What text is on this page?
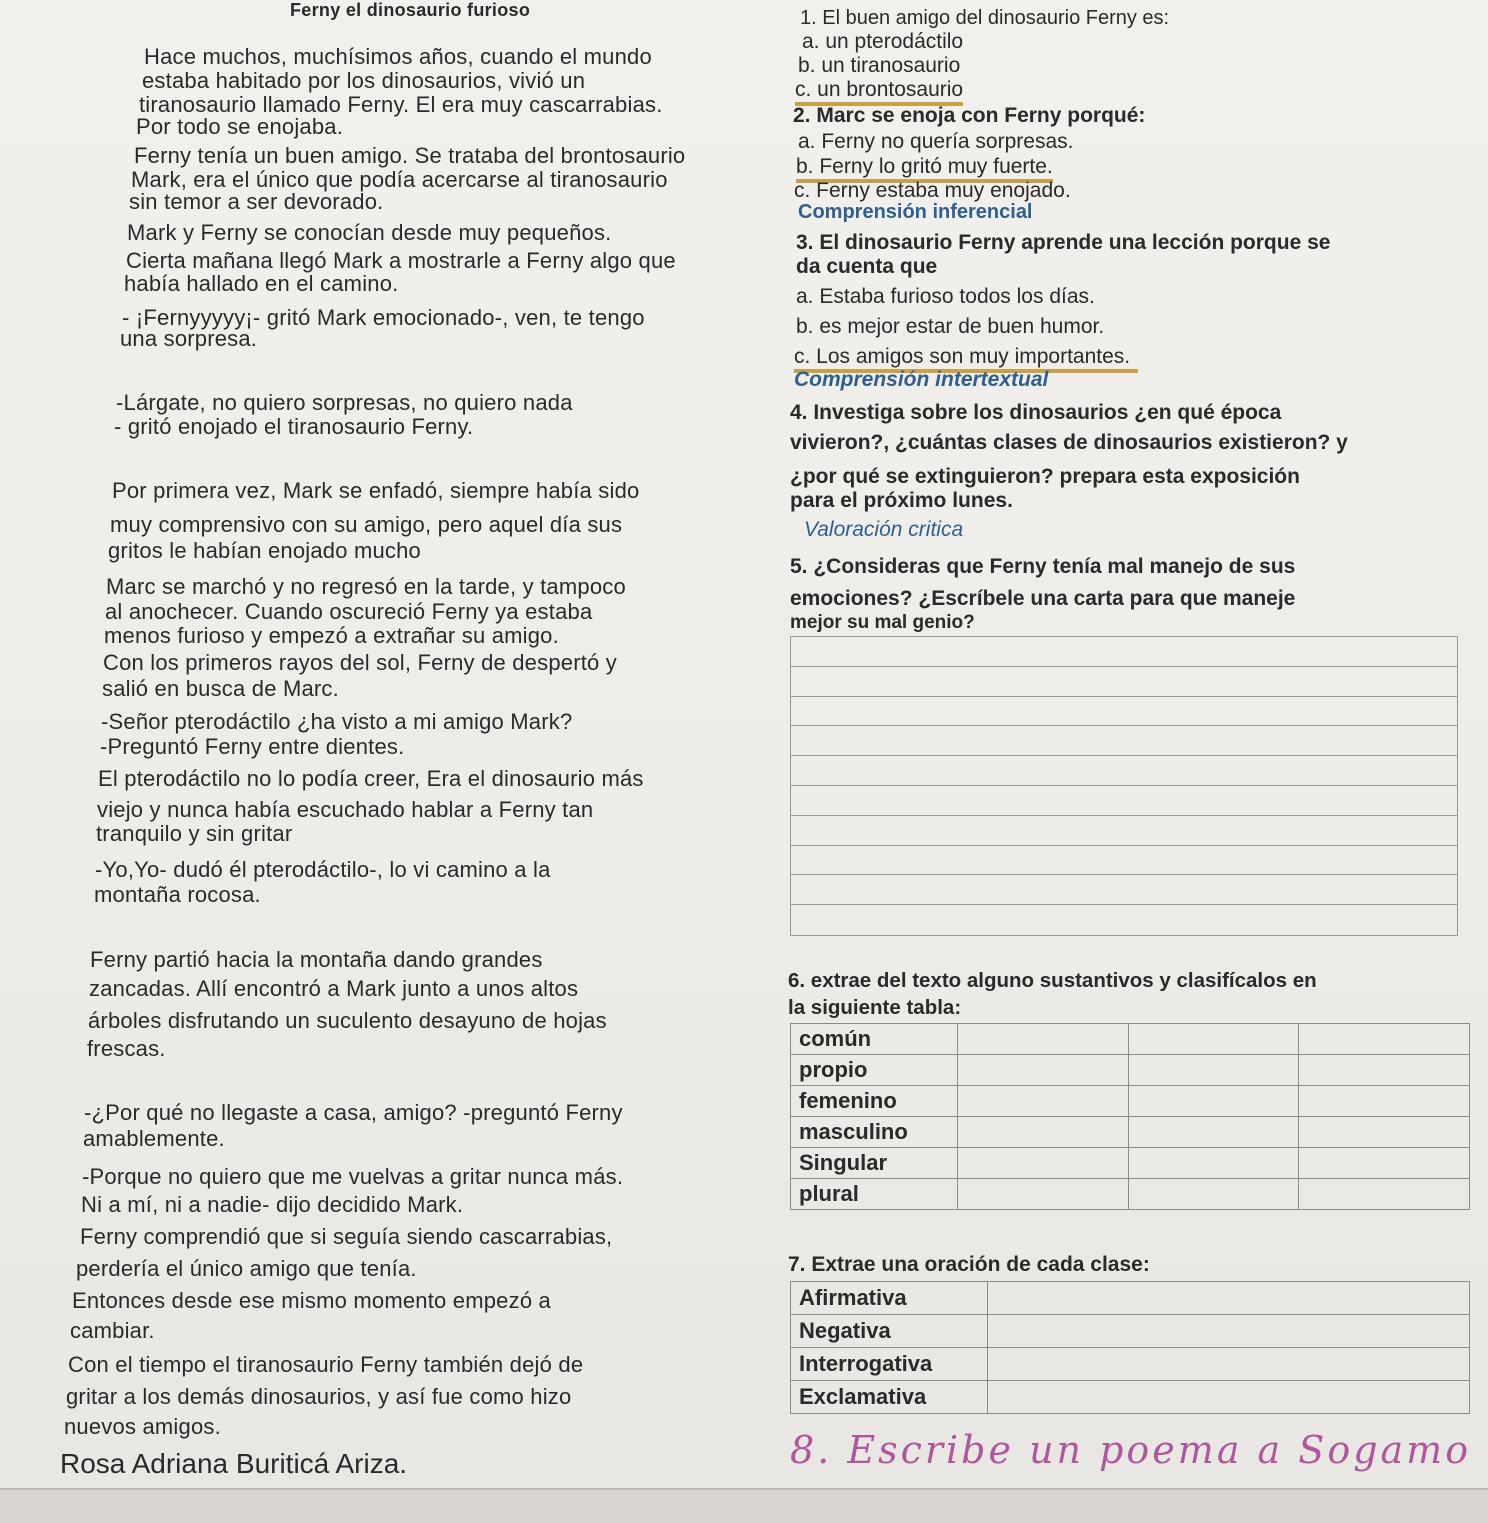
Ferny el dinosaurio furioso

Hace muchos, muchísimos años, cuando el mundo

estaba habitado por los dinosaurios, vivió un

tiranosaurio llamado Ferny. El era muy cascarrabias.

Por todo se enojaba.

Ferny tenía un buen amigo. Se trataba del brontosaurio

Mark, era el único que podía acercarse al tiranosaurio

sin temor a ser devorado.

Mark y Ferny se conocían desde muy pequeños.

Cierta mañana llegó Mark a mostrarle a Ferny algo que

había hallado en el camino.

- ¡Fernyyyyy¡- gritó Mark emocionado-, ven, te tengo

una sorpresa.

-Lárgate, no quiero sorpresas, no quiero nada

- gritó enojado el tiranosaurio Ferny.

Por primera vez, Mark se enfadó, siempre había sido

muy comprensivo con su amigo, pero aquel día sus

gritos le habían enojado mucho

Marc se marchó y no regresó en la tarde, y tampoco

al anochecer. Cuando oscureció Ferny ya estaba

menos furioso y empezó a extrañar su amigo.

Con los primeros rayos del sol, Ferny de despertó y

salió en busca de Marc.

-Señor pterodáctilo ¿ha visto a mi amigo Mark?

-Preguntó Ferny entre dientes.

El pterodáctilo no lo podía creer, Era el dinosaurio más

viejo y nunca había escuchado hablar a Ferny tan

tranquilo y sin gritar

-Yo,Yo- dudó él pterodáctilo-, lo vi camino a la

montaña rocosa.

Ferny partió hacia la montaña dando grandes

zancadas. Allí encontró a Mark junto a unos altos

árboles disfrutando un suculento desayuno de hojas

frescas.

-¿Por qué no llegaste a casa, amigo? -preguntó Ferny

amablemente.

-Porque no quiero que me vuelvas a gritar nunca más.

Ni a mí, ni a nadie- dijo decidido Mark.

Ferny comprendió que si seguía siendo cascarrabias,

perdería el único amigo que tenía.

Entonces desde ese mismo momento empezó a

cambiar.

Con el tiempo el tiranosaurio Ferny también dejó de

gritar a los demás dinosaurios, y así fue como hizo

nuevos amigos.

Rosa Adriana Buriticá Ariza.

1. El buen amigo del dinosaurio Ferny es:

a. un pterodáctilo

b. un tiranosaurio

c. un brontosaurio

2. Marc se enoja con Ferny porqué:

a. Ferny no quería sorpresas.

b. Ferny lo gritó muy fuerte.

c. Ferny estaba muy enojado.

Comprensión inferencial

3. El dinosaurio Ferny aprende una lección porque se

da cuenta que

a. Estaba furioso todos los días.

b. es mejor estar de buen humor.

c. Los amigos son muy importantes.

Comprensión intertextual

4. Investiga sobre los dinosaurios ¿en qué época

vivieron?, ¿cuántas clases de dinosaurios existieron? y

¿por qué se extinguieron? prepara esta exposición

para el próximo lunes.

Valoración critica

5. ¿Consideras que Ferny tenía mal manejo de sus

emociones? ¿Escríbele una carta para que maneje

mejor su mal genio?

6. extrae del texto alguno sustantivos y clasifícalos en

la siguiente tabla:

común			
propio			
femenino			
masculino			
Singular			
plural			

7. Extrae una oración de cada clase:

Afirmativa	
Negativa	
Interrogativa	
Exclamativa	

8. Escribe un poema a Sogamo
